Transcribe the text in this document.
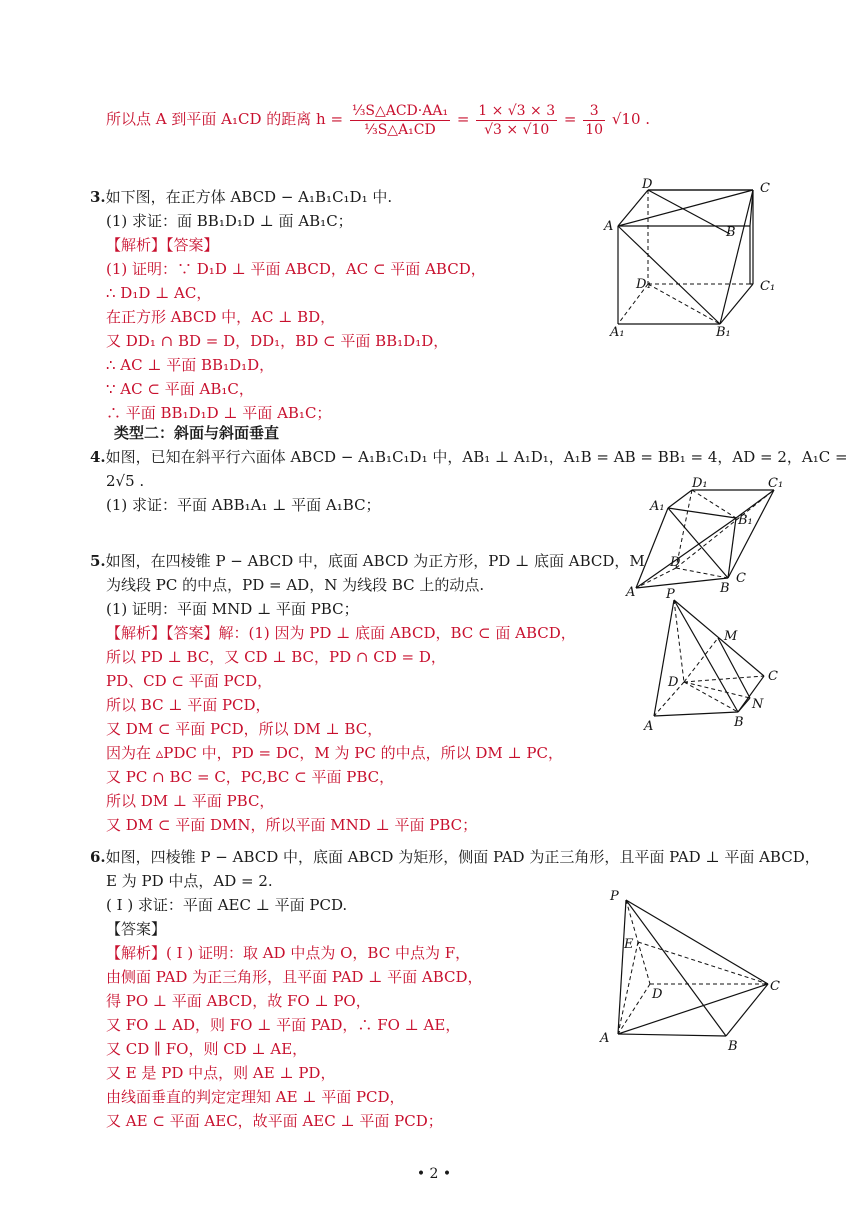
所以点 A 到平面 A₁CD 的距离 $h = \frac{\text{⅓S△ACD·AA₁}}{\text{⅓S△A₁CD}} = \frac{1 \times √3 \times 3}{√3 \times √10} = \frac{3}{10} √10$ .
3.如下图，在正方体 ABCD − A₁B₁C₁D₁ 中.
(1) 求证：面 BB₁D₁D ⊥ 面 AB₁C；
【解析】【答案】
(1) 证明：∵ D₁D ⊥ 平面 ABCD，AC ⊂ 平面 ABCD，
∴ D₁D ⊥ AC，
在正方形 ABCD 中，AC ⊥ BD，
又 DD₁ ∩ BD = D，DD₁，BD ⊂ 平面 BB₁D₁D，
∴ AC ⊥ 平面 BB₁D₁D，
∵ AC ⊂ 平面 AB₁C，
∴ 平面 BB₁D₁D ⊥ 平面 AB₁C；
D	C
A	B
D₁	C₁
A₁	B₁
类型二：斜面与斜面垂直
4.如图，已知在斜平行六面体 ABCD − A₁B₁C₁D₁ 中，AB₁ ⊥ A₁D₁，A₁B = AB = BB₁ = 4，AD = 2，A₁C =
2√5 .
(1) 求证：平面 ABB₁A₁ ⊥ 平面 A₁BC；	A₁
D₁	C₁
B₁
D
A	B
C
5.如图，在四棱锥 P − ABCD 中，底面 ABCD 为正方形，PD ⊥ 底面 ABCD，M
为线段 PC 的中点，PD = AD，N 为线段 BC 上的动点.
(1) 证明：平面 MND ⊥ 平面 PBC；
【解析】【答案】解：(1) 因为 PD ⊥ 底面 ABCD，BC ⊂ 面 ABCD，
所以 PD ⊥ BC，又 CD ⊥ BC，PD ∩ CD = D，
PD、CD ⊂ 平面 PCD，
所以 BC ⊥ 平面 PCD，
又 DM ⊂ 平面 PCD，所以 DM ⊥ BC，
因为在 ▵PDC 中，PD = DC，M 为 PC 的中点，所以 DM ⊥ PC，
又 PC ∩ BC = C，PC,BC ⊂ 平面 PBC，
所以 DM ⊥ 平面 PBC，
又 DM ⊂ 平面 DMN，所以平面 MND ⊥ 平面 PBC；
P
M
C
D
N
A	B
6.如图，四棱锥 P − ABCD 中，底面 ABCD 为矩形，侧面 PAD 为正三角形，且平面 PAD ⊥ 平面 ABCD，
E 为 PD 中点，AD = 2.
( Ⅰ ) 求证：平面 AEC ⊥ 平面 PCD.
【答案】
【解析】( Ⅰ ) 证明：取 AD 中点为 O，BC 中点为 F，
由侧面 PAD 为正三角形，且平面 PAD ⊥ 平面 ABCD，
得 PO ⊥ 平面 ABCD，故 FO ⊥ PO，
又 FO ⊥ AD，则 FO ⊥ 平面 PAD，∴ FO ⊥ AE，
又 CD ∥ FO，则 CD ⊥ AE，
又 E 是 PD 中点，则 AE ⊥ PD，
由线面垂直的判定定理知 AE ⊥ 平面 PCD，
又 AE ⊂ 平面 AEC，故平面 AEC ⊥ 平面 PCD；
P
E
D
C
A
B
• 2 •
